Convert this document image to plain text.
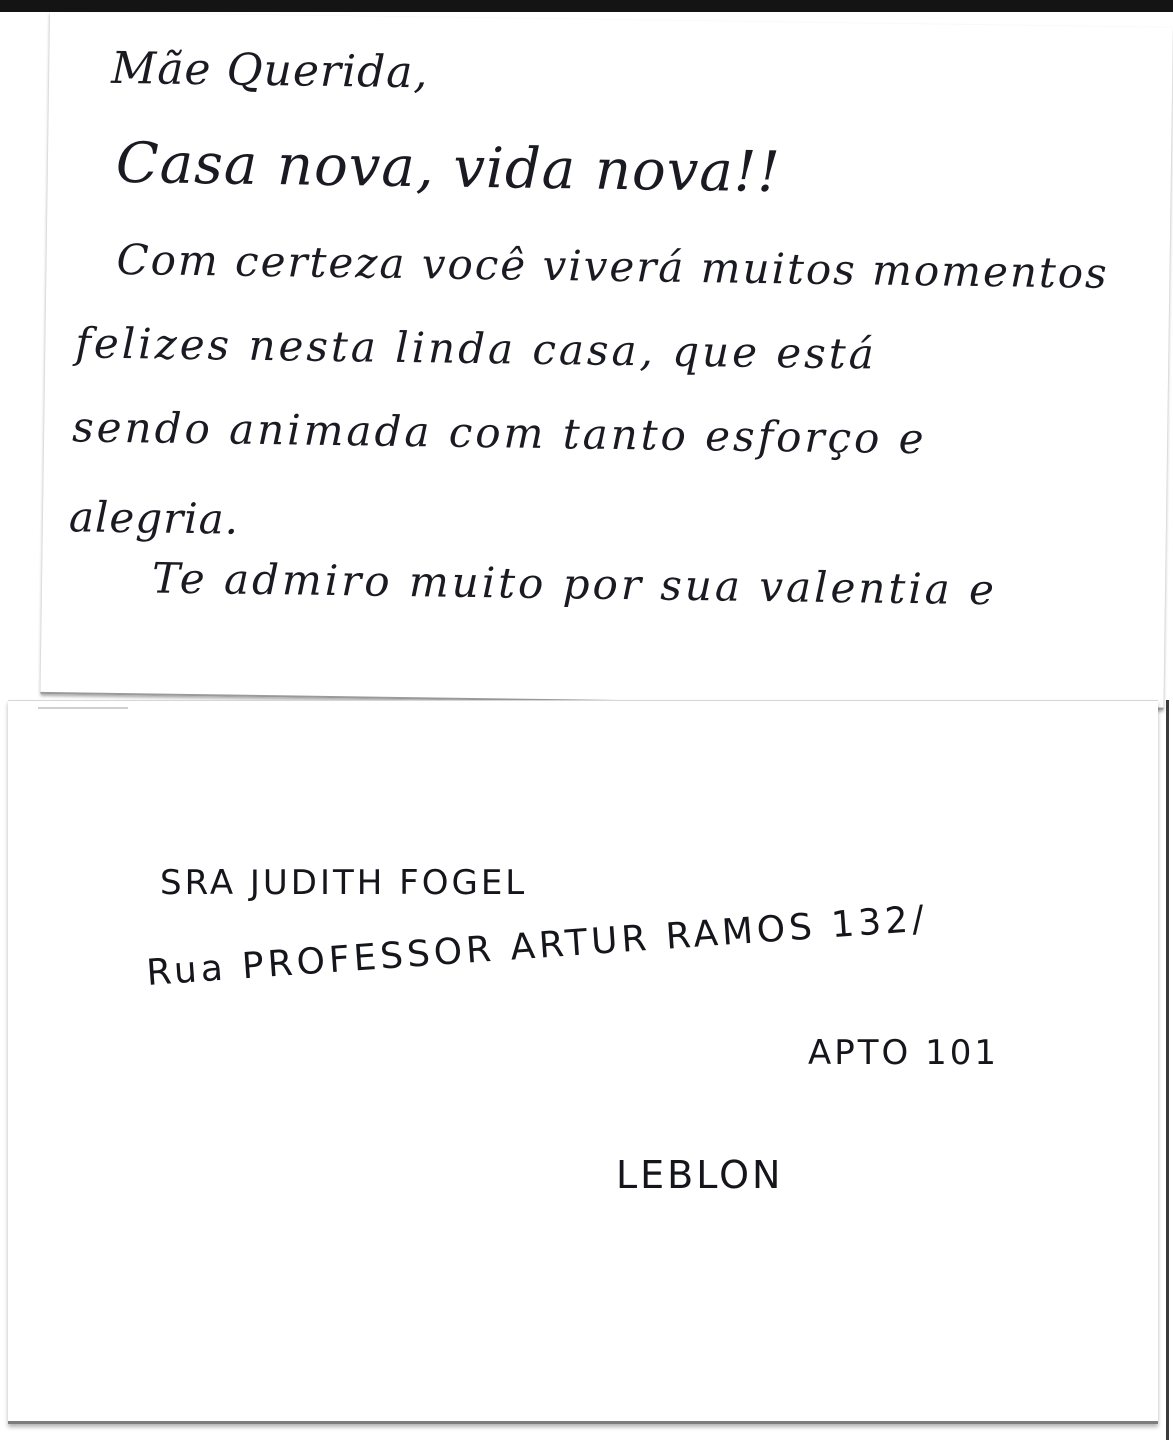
Mãe Querida,
Casa nova, vida nova!!
Com certeza você viverá muitos momentos
felizes nesta linda casa, que está
sendo animada com tanto esforço e
alegria.
Te admiro muito por sua valentia e
SRA JUDITH FOGEL
Rua PROFESSOR ARTUR RAMOS 132/
APTO 101
LEBLON
